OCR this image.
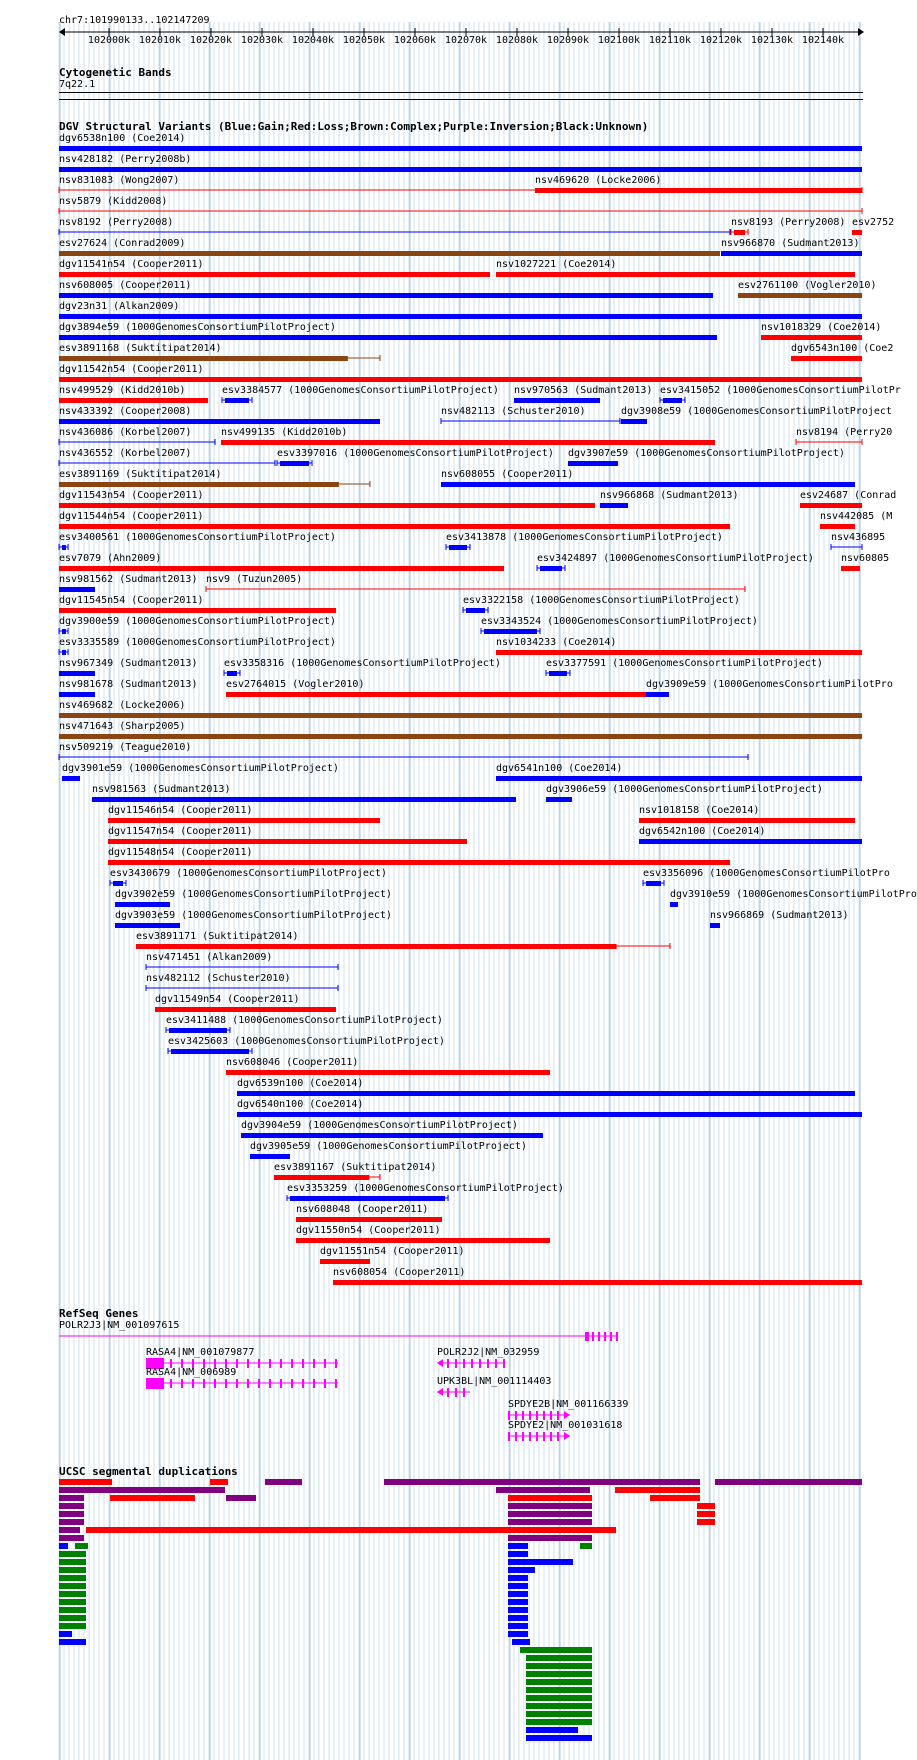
chr7:101990133..102147209
102000k 102010k 102020k 102030k 102040k 102050k 102060k 102070k 102080k 102090k 102100k 102110k 102120k 102130k 102140k
Cytogenetic Bands
7q22.1
DGV Structural Variants (Blue:Gain;Red:Loss;Brown:Complex;Purple:Inversion;Black:Unknown)
dgv6538n100 (Coe2014)
nsv428182 (Perry2008b)
nsv831083 (Wong2007)	nsv469620 (Locke2006)
nsv5879 (Kidd2008)
nsv8192 (Perry2008)	nsv8193 (Perry2008) esv2752
esv27624 (Conrad2009)	nsv966870 (Sudmant2013)
dgv11541n54 (Cooper2011)	nsv1027221 (Coe2014)
nsv608005 (Cooper2011)	esv2761100 (Vogler2010)
dgv23n31 (Alkan2009)
dgv3894e59 (1000GenomesConsortiumPilotProject)	nsv1018329 (Coe2014)
esv3891168 (Suktitipat2014)	dgv6543n100 (Coe2
dgv11542n54 (Cooper2011)
nsv499529 (Kidd2010b)	esv3384577 (1000GenomesConsortiumPilotProject) nsv970563 (Sudmant2013) esv3415052 (1000GenomesConsortiumPilotPr
nsv433392 (Cooper2008)	nsv482113 (Schuster2010)	dgv3908e59 (1000GenomesConsortiumPilotProject
nsv436086 (Korbel2007)	nsv499135 (Kidd2010b)	nsv8194 (Perry20
nsv436552 (Korbel2007)	esv3397016 (1000GenomesConsortiumPilotProject) dgv3907e59 (1000GenomesConsortiumPilotProject)
esv3891169 (Suktitipat2014)	nsv608055 (Cooper2011)
dgv11543n54 (Cooper2011)	nsv966868 (Sudmant2013)	esv24687 (Conrad
dgv11544n54 (Cooper2011)	nsv442085 (M
esv3400561 (1000GenomesConsortiumPilotProject)	esv3413878 (1000GenomesConsortiumPilotProject)	nsv436895
esv7079 (Ahn2009)	esv3424897 (1000GenomesConsortiumPilotProject)	nsv60805
nsv981562 (Sudmant2013) nsv9 (Tuzun2005)
dgv11545n54 (Cooper2011)	esv3322158 (1000GenomesConsortiumPilotProject)
dgv3900e59 (1000GenomesConsortiumPilotProject)	esv3343524 (1000GenomesConsortiumPilotProject)
esv3335589 (1000GenomesConsortiumPilotProject)	nsv1034233 (Coe2014)
nsv967349 (Sudmant2013)	esv3358316 (1000GenomesConsortiumPilotProject)	esv3377591 (1000GenomesConsortiumPilotProject)
nsv981678 (Sudmant2013)	esv2764015 (Vogler2010)	dgv3909e59 (1000GenomesConsortiumPilotPro
nsv469682 (Locke2006)
nsv471643 (Sharp2005)
nsv509219 (Teague2010)
dgv3901e59 (1000GenomesConsortiumPilotProject)	dgv6541n100 (Coe2014)
nsv981563 (Sudmant2013)	dgv3906e59 (1000GenomesConsortiumPilotProject)
dgv11546n54 (Cooper2011)	nsv1018158 (Coe2014)
dgv11547n54 (Cooper2011)	dgv6542n100 (Coe2014)
dgv11548n54 (Cooper2011)
esv3430679 (1000GenomesConsortiumPilotProject)	esv3356096 (1000GenomesConsortiumPilotPro
dgv3902e59 (1000GenomesConsortiumPilotProject)	dgv3910e59 (1000GenomesConsortiumPilotPro
dgv3903e59 (1000GenomesConsortiumPilotProject)	nsv966869 (Sudmant2013)
esv3891171 (Suktitipat2014)
nsv471451 (Alkan2009)
nsv482112 (Schuster2010)
dgv11549n54 (Cooper2011)
esv3411488 (1000GenomesConsortiumPilotProject)
esv3425603 (1000GenomesConsortiumPilotProject)
nsv608046 (Cooper2011)
dgv6539n100 (Coe2014)
dgv6540n100 (Coe2014)
dgv3904e59 (1000GenomesConsortiumPilotProject)
dgv3905e59 (1000GenomesConsortiumPilotProject)
esv3891167 (Suktitipat2014)
esv3353259 (1000GenomesConsortiumPilotProject)
nsv608048 (Cooper2011)
dgv11550n54 (Cooper2011)
dgv11551n54 (Cooper2011)
nsv608054 (Cooper2011)
RefSeq Genes
POLR2J3|NM_001097615
RASA4|NM_001079877	POLR2J2|NM_032959
RASA4|NM_006989
UPK3BL|NM_001114403
SPDYE2B|NM_001166339
SPDYE2|NM_001031618
UCSC segmental duplications
